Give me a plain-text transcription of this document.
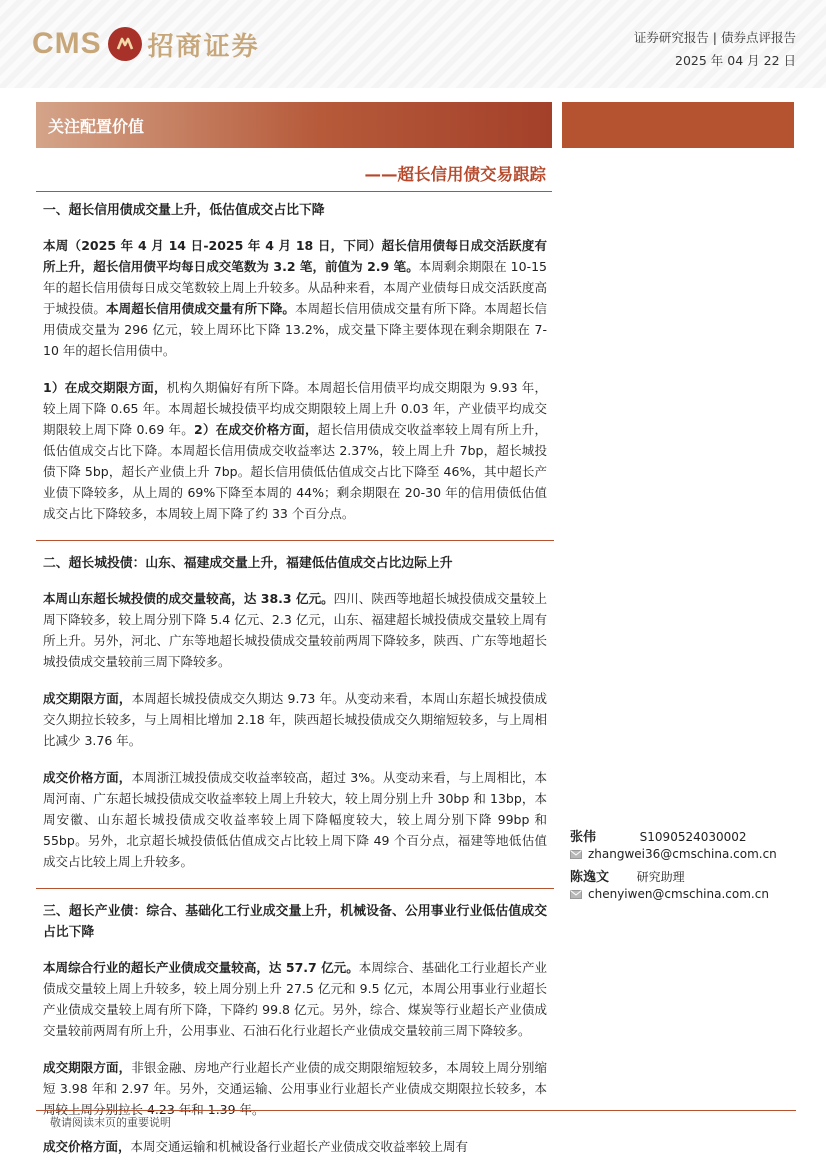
CMS 招商证券	证券研究报告 | 债券点评报告
2025 年 04 月 22 日
关注配置价值
——超长信用债交易跟踪
一、超长信用债成交量上升，低估值成交占比下降

本周（2025 年 4 月 14 日-2025 年 4 月 18 日，下同）超长信用债每日成交活跃度有所上升，超长信用债平均每日成交笔数为 3.2 笔，前值为 2.9 笔。本周剩余期限在 10-15 年的超长信用债每日成交笔数较上周上升较多。从品种来看，本周产业债每日成交活跃度高于城投债。本周超长信用债成交量有所下降。本周超长信用债成交量有所下降。本周超长信用债成交量为 296 亿元，较上周环比下降 13.2%，成交量下降主要体现在剩余期限在 7-10 年的超长信用债中。

1）在成交期限方面，机构久期偏好有所下降。本周超长信用债平均成交期限为 9.93 年，较上周下降 0.65 年。本周超长城投债平均成交期限较上周上升 0.03 年，产业债平均成交期限较上周下降 0.69 年。2）在成交价格方面，超长信用债成交收益率较上周有所上升，低估值成交占比下降。本周超长信用债成交收益率达 2.37%，较上周上升 7bp，超长城投债下降 5bp，超长产业债上升 7bp。超长信用债低估值成交占比下降至 46%，其中超长产业债下降较多，从上周的 69%下降至本周的 44%；剩余期限在 20-30 年的信用债低估值成交占比下降较多，本周较上周下降了约 33 个百分点。

二、超长城投债：山东、福建成交量上升，福建低估值成交占比边际上升

本周山东超长城投债的成交量较高，达 38.3 亿元。四川、陕西等地超长城投债成交量较上周下降较多，较上周分别下降 5.4 亿元、2.3 亿元，山东、福建超长城投债成交量较上周有所上升。另外，河北、广东等地超长城投债成交量较前两周下降较多，陕西、广东等地超长城投债成交量较前三周下降较多。

成交期限方面，本周超长城投债成交久期达 9.73 年。从变动来看，本周山东超长城投债成交久期拉长较多，与上周相比增加 2.18 年，陕西超长城投债成交久期缩短较多，与上周相比减少 3.76 年。

成交价格方面，本周浙江城投债成交收益率较高，超过 3%。从变动来看，与上周相比，本周河南、广东超长城投债成交收益率较上周上升较大，较上周分别上升 30bp 和 13bp，本周安徽、山东超长城投债成交收益率较上周下降幅度较大，较上周分别下降 99bp 和 55bp。另外，北京超长城投债低估值成交占比较上周下降 49 个百分点，福建等地低估值成交占比较上周上升较多。

三、超长产业债：综合、基础化工行业成交量上升，机械设备、公用事业行业低估值成交占比下降

本周综合行业的超长产业债成交量较高，达 57.7 亿元。本周综合、基础化工行业超长产业债成交量较上周上升较多，较上周分别上升 27.5 亿元和 9.5 亿元，本周公用事业行业超长产业债成交量较上周有所下降，下降约 99.8 亿元。另外，综合、煤炭等行业超长产业债成交量较前两周有所上升，公用事业、石油石化行业超长产业债成交量较前三周下降较多。

成交期限方面，非银金融、房地产行业超长产业债的成交期限缩短较多，本周较上周分别缩短 3.98 年和 2.97 年。另外，交通运输、公用事业行业超长产业债成交期限拉长较多，本周较上周分别拉长 4.23 年和 1.39 年。

成交价格方面，本周交通运输和机械设备行业超长产业债成交收益率较上周有

张伟	S1090524030002
zhangwei36@cmschina.com.cn
陈逸文 研究助理
chenyiwen@cmschina.com.cn
敬请阅读末页的重要说明
